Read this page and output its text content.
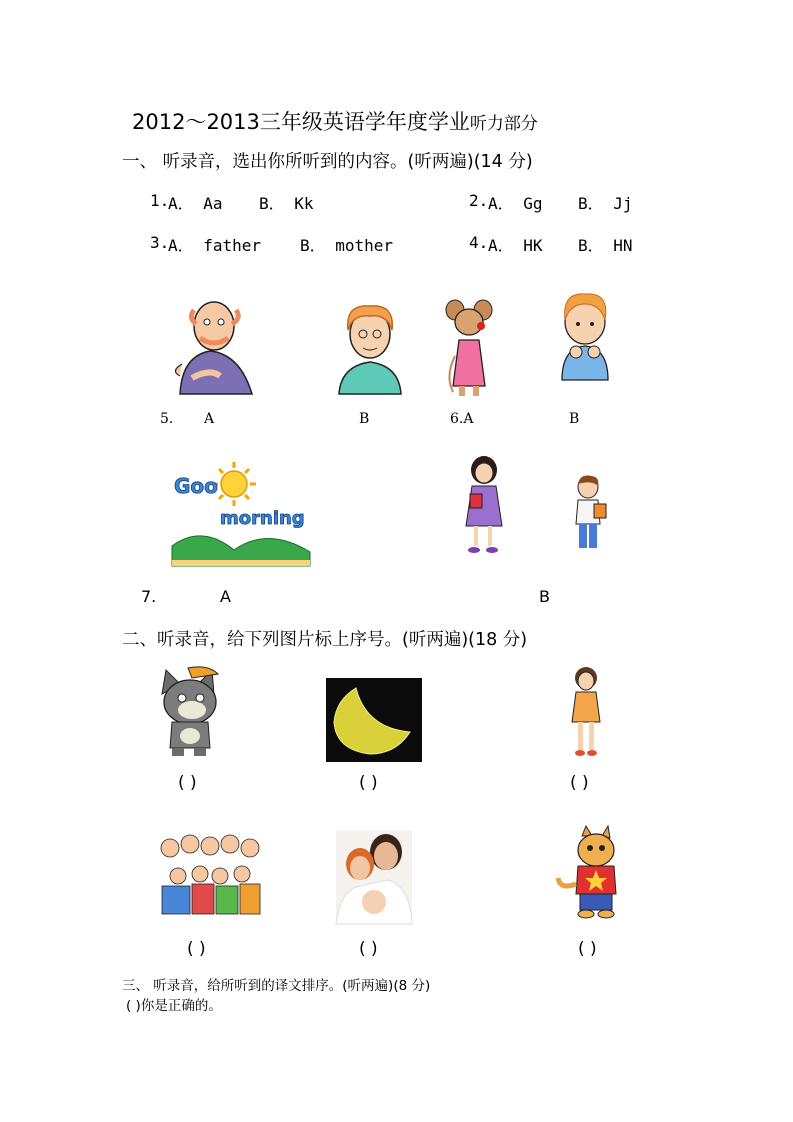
2012～2013三年级英语学年度学业听力部分
一、 听录音，选出你所听到的内容。(听两遍)(14 分)
1.
A． Aa B． Kk	2. A． Gg B． Jj
3.
A． father B． mother	4. A． HK B． HN
5. A	B	6.A	B
Goo
morning
7.	A	B
二、听录音，给下列图片标上序号。(听两遍)(18 分)
( )	( )	( )
( )	( )	( )
三、 听录音，给所听到的译文排序。(听两遍)(8 分)
( )你是正确的。
